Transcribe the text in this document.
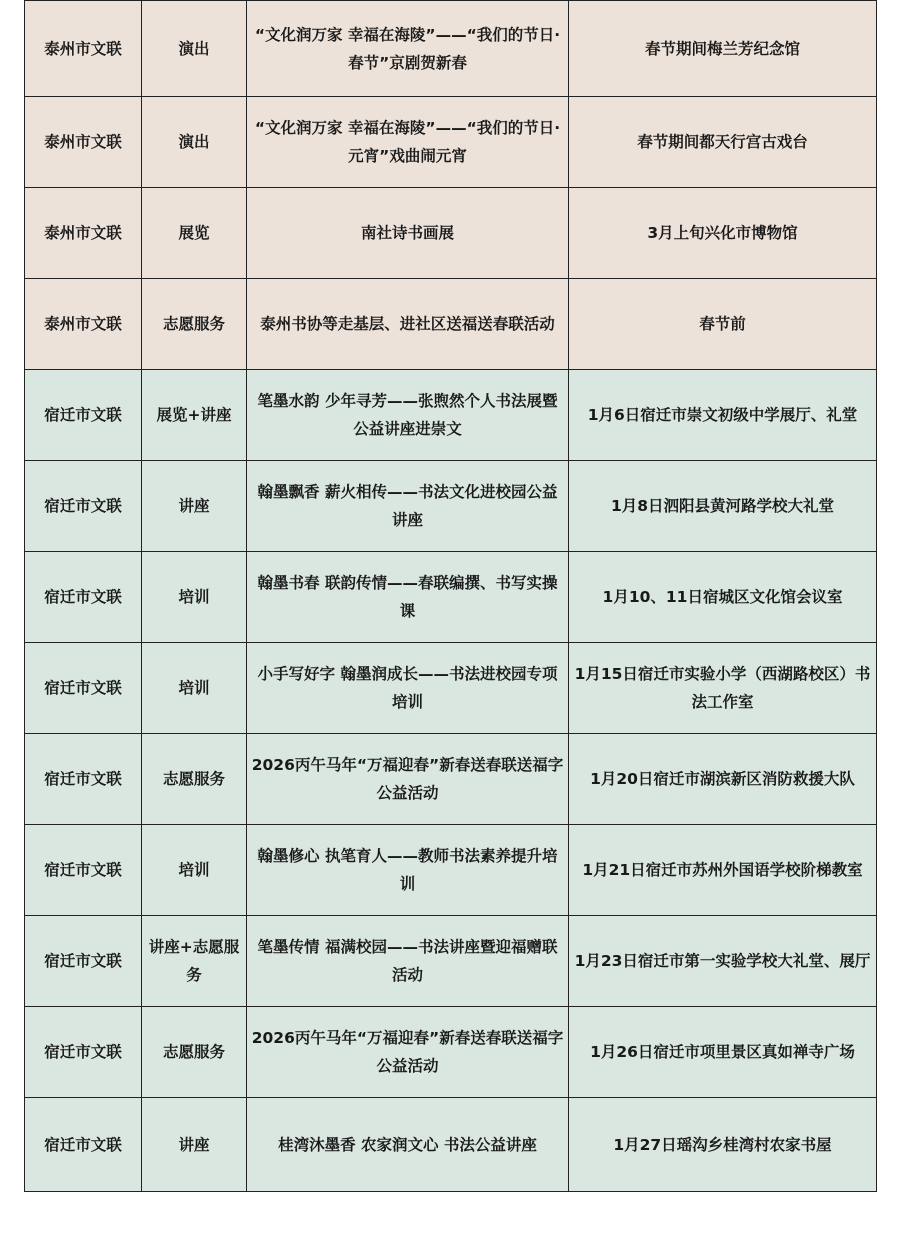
泰州市文联	演出	“文化润万家 幸福在海陵”——“我们的节日·春节”京剧贺新春	春节期间梅兰芳纪念馆
泰州市文联	演出	“文化润万家 幸福在海陵”——“我们的节日·元宵”戏曲闹元宵	春节期间都天行宫古戏台
泰州市文联	展览	南社诗书画展	3月上旬兴化市博物馆
泰州市文联	志愿服务	泰州书协等走基层、进社区送福送春联活动	春节前
宿迁市文联	展览+讲座	笔墨水韵 少年寻芳——张煦然个人书法展暨公益讲座进崇文	1月6日宿迁市崇文初级中学展厅、礼堂
宿迁市文联	讲座	翰墨飘香 薪火相传——书法文化进校园公益讲座	1月8日泗阳县黄河路学校大礼堂
宿迁市文联	培训	翰墨书春 联韵传情——春联编撰、书写实操课	1月10、11日宿城区文化馆会议室
宿迁市文联	培训	小手写好字 翰墨润成长——书法进校园专项培训	1月15日宿迁市实验小学（西湖路校区）书法工作室
宿迁市文联	志愿服务	2026丙午马年“万福迎春”新春送春联送福字公益活动	1月20日宿迁市湖滨新区消防救援大队
宿迁市文联	培训	翰墨修心 执笔育人——教师书法素养提升培训	1月21日宿迁市苏州外国语学校阶梯教室
宿迁市文联	讲座+志愿服务	笔墨传情 福满校园——书法讲座暨迎福赠联活动	1月23日宿迁市第一实验学校大礼堂、展厅
宿迁市文联	志愿服务	2026丙午马年“万福迎春”新春送春联送福字公益活动	1月26日宿迁市项里景区真如禅寺广场
宿迁市文联	讲座	桂湾沐墨香 农家润文心 书法公益讲座	1月27日瑶沟乡桂湾村农家书屋
